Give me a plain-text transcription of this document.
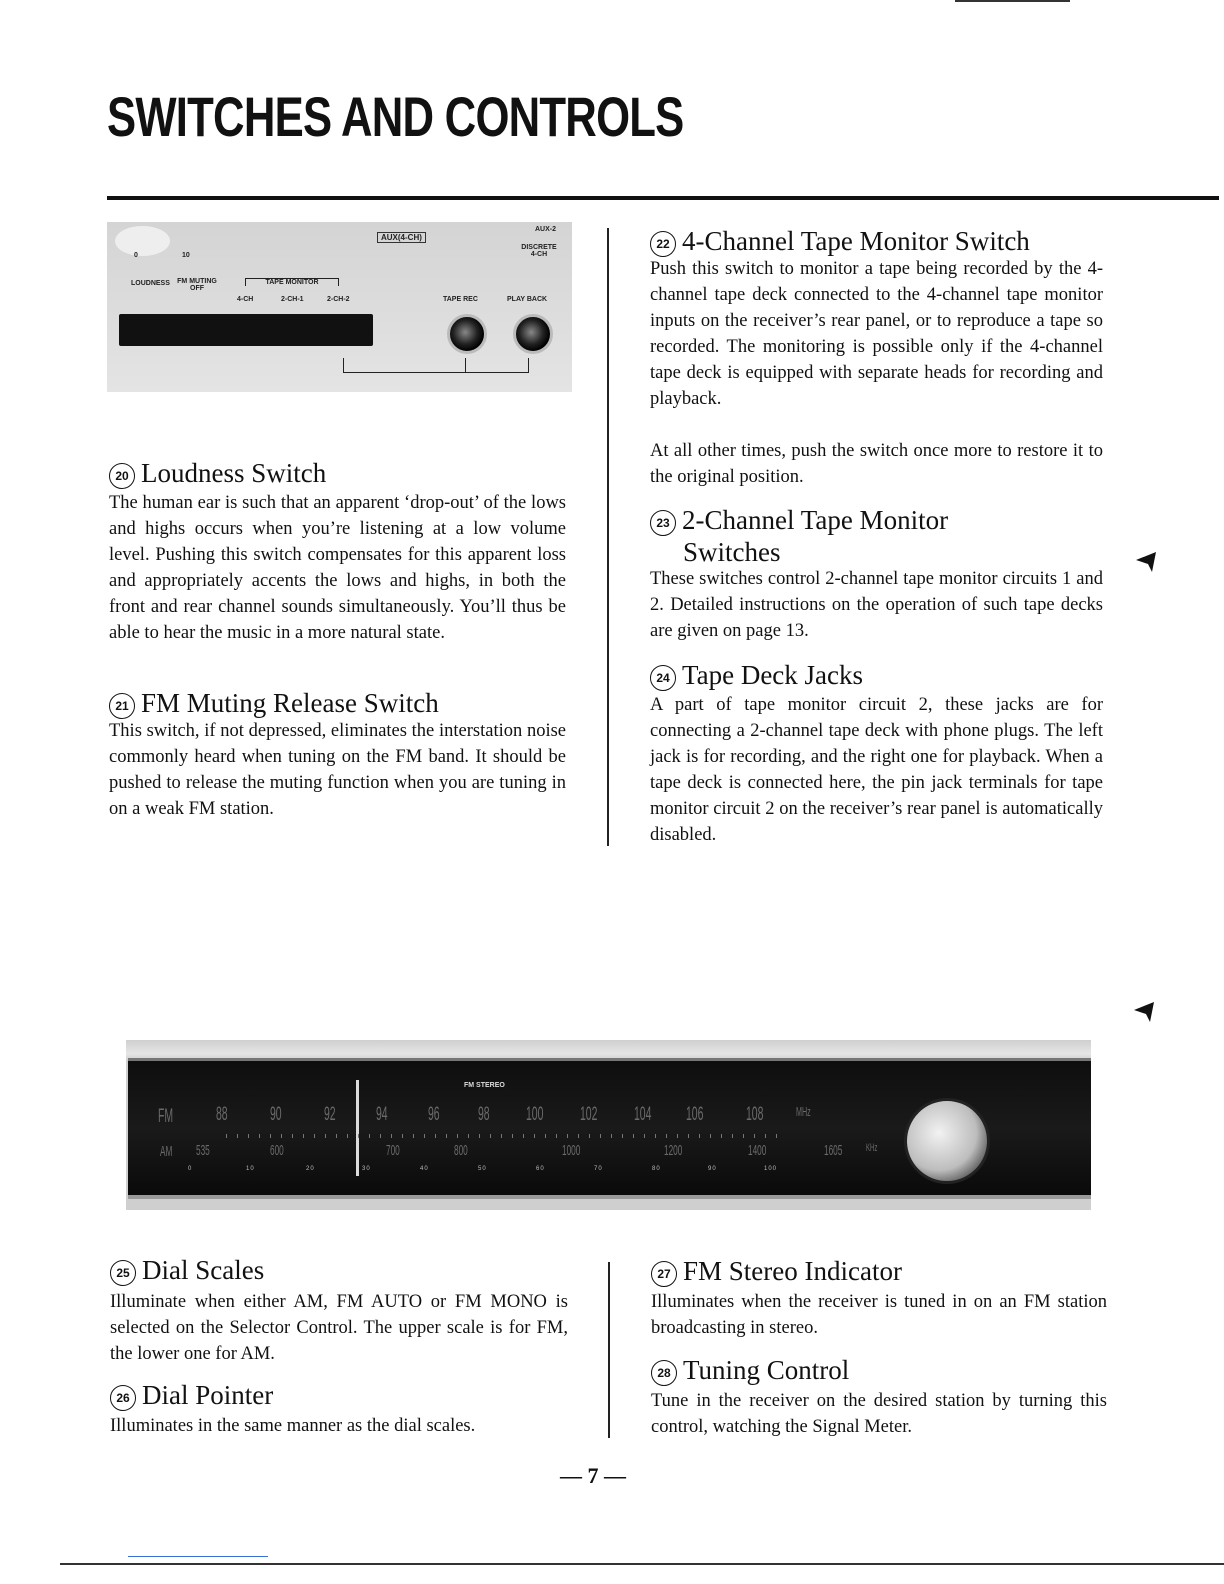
SWITCHES AND CONTROLS
0	10
AUX(4-CH)
AUX-2
DISCRETE 4-CH
LOUDNESS FM MUTING OFF
TAPE MONITOR
4-CH	2-CH-1	2-CH-2	TAPE REC	PLAY BACK
20 Loudness Switch
The human ear is such that an apparent ‘drop-out’ of the lows and highs occurs when you’re listening at a low volume level. Pushing this switch compensates for this apparent loss and appropriately accents the lows and highs, in both the front and rear channel sounds simultaneously. You’ll thus be able to hear the music in a more natural state.
21 FM Muting Release Switch
This switch, if not depressed, eliminates the interstation noise commonly heard when tuning on the FM band. It should be pushed to release the muting function when you are tuning in on a weak FM station.
22 4-Channel Tape Monitor Switch
Push this switch to monitor a tape being recorded by the 4-channel tape deck connected to the 4-channel tape monitor inputs on the receiver’s rear panel, or to reproduce a tape so recorded. The monitoring is possible only if the 4-channel tape deck is equipped with separate heads for recording and playback.
At all other times, push the switch once more to restore it to the original position.
23 2-Channel Tape Monitor
Switches
These switches control 2-channel tape monitor circuits 1 and 2. Detailed instructions on the operation of such tape decks are given on page 13.
24 Tape Deck Jacks
A part of tape monitor circuit 2, these jacks are for connecting a 2-channel tape deck with phone plugs. The left jack is for recording, and the right one for playback. When a tape deck is connected here, the pin jack terminals for tape monitor circuit 2 on the receiver’s rear panel is automatically disabled.
FM STEREO
FM
AM
88 90 92 94 96 98 100 102 104 106 108	MHz
535	600	700	800	1000	1200	1400	1605 KHz
0	10	20	30	40	50	60	70	80	90	100
25 Dial Scales
Illuminate when either AM, FM AUTO or FM MONO is selected on the Selector Control. The upper scale is for FM, the lower one for AM.
26 Dial Pointer
Illuminates in the same manner as the dial scales.
27 FM Stereo Indicator
Illuminates when the receiver is tuned in on an FM station broadcasting in stereo.
28 Tuning Control
Tune in the receiver on the desired station by turning this control, watching the Signal Meter.
— 7 —
